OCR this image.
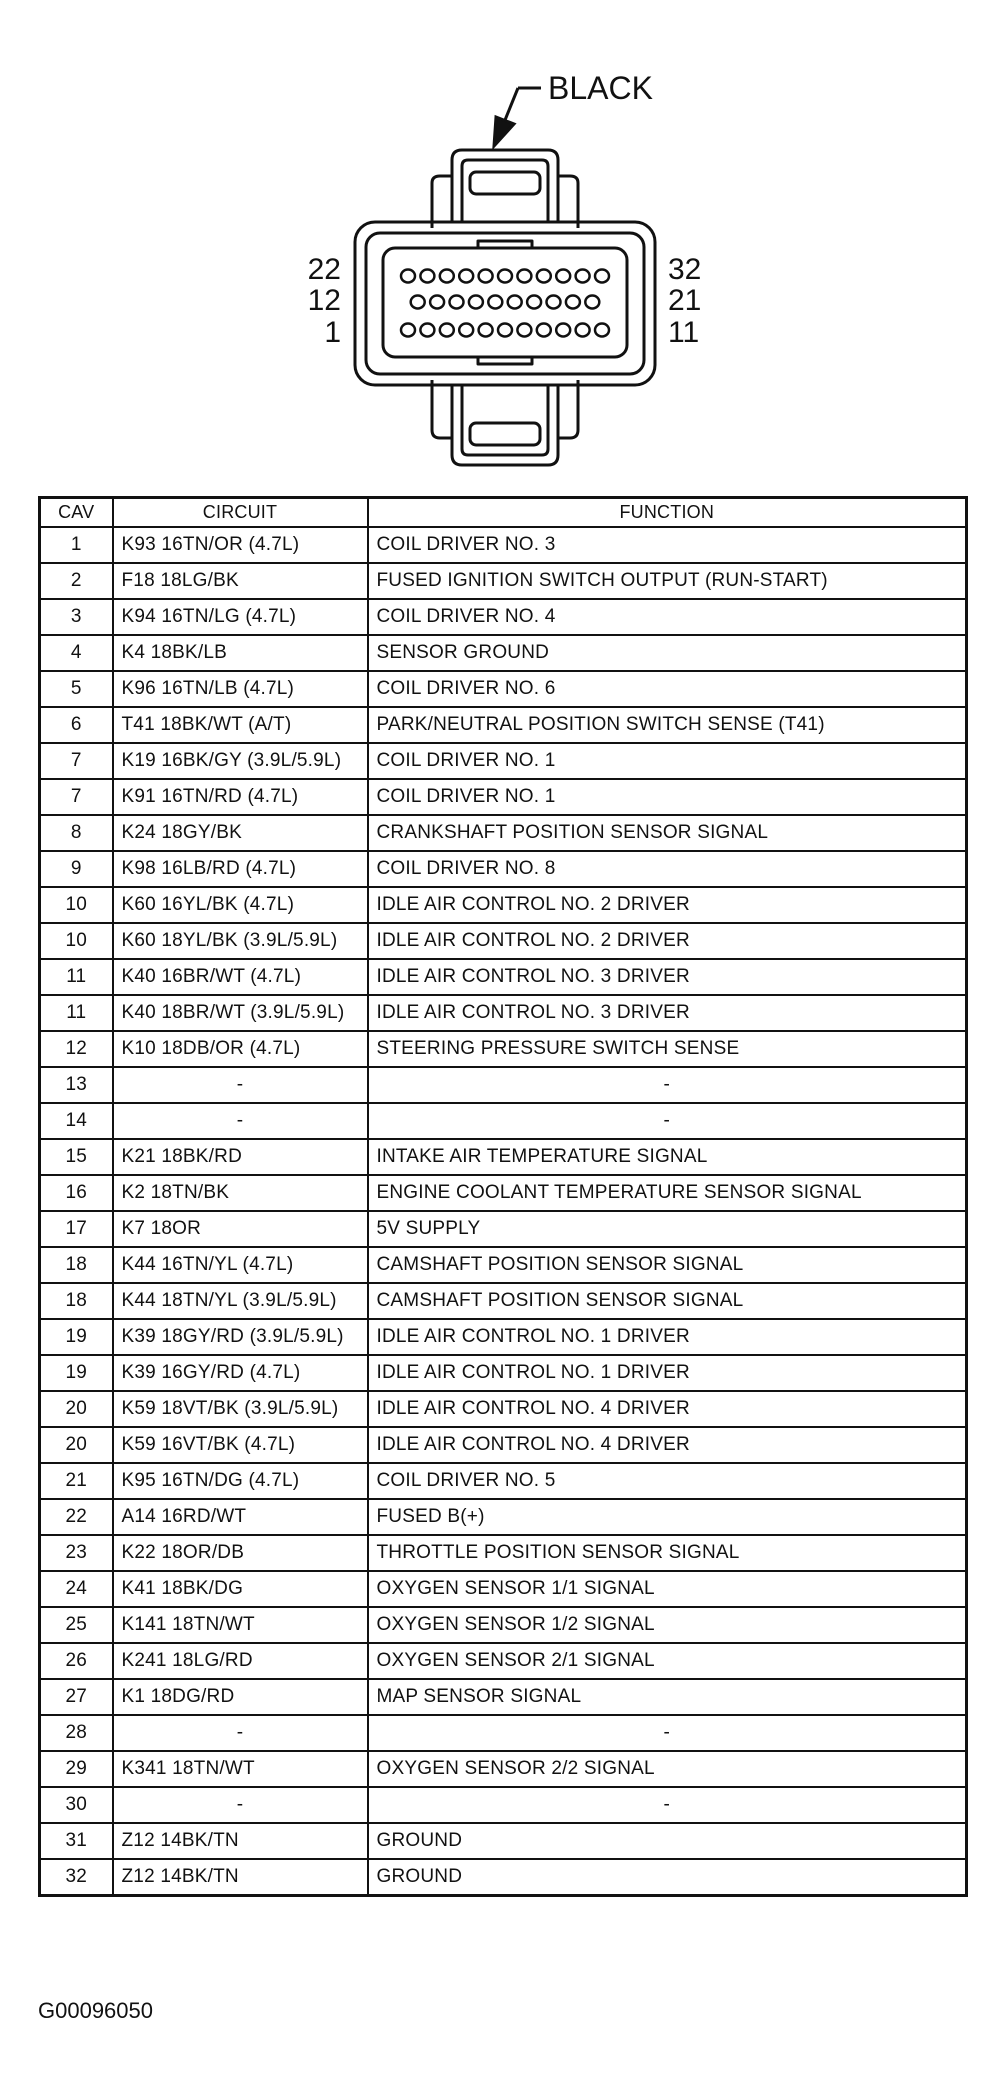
BLACK
22
12
1
32
21
11
CAV	CIRCUIT	FUNCTION
1	K93 16TN/OR (4.7L)	COIL DRIVER NO. 3
2	F18 18LG/BK	FUSED IGNITION SWITCH OUTPUT (RUN-START)
3	K94 16TN/LG (4.7L)	COIL DRIVER NO. 4
4	K4 18BK/LB	SENSOR GROUND
5	K96 16TN/LB (4.7L)	COIL DRIVER NO. 6
6	T41 18BK/WT (A/T)	PARK/NEUTRAL POSITION SWITCH SENSE (T41)
7	K19 16BK/GY (3.9L/5.9L)	COIL DRIVER NO. 1
7	K91 16TN/RD (4.7L)	COIL DRIVER NO. 1
8	K24 18GY/BK	CRANKSHAFT POSITION SENSOR SIGNAL
9	K98 16LB/RD (4.7L)	COIL DRIVER NO. 8
10	K60 16YL/BK (4.7L)	IDLE AIR CONTROL NO. 2 DRIVER
10	K60 18YL/BK (3.9L/5.9L)	IDLE AIR CONTROL NO. 2 DRIVER
11	K40 16BR/WT (4.7L)	IDLE AIR CONTROL NO. 3 DRIVER
11	K40 18BR/WT (3.9L/5.9L)	IDLE AIR CONTROL NO. 3 DRIVER
12	K10 18DB/OR (4.7L)	STEERING PRESSURE SWITCH SENSE
13	-	-
14	-	-
15	K21 18BK/RD	INTAKE AIR TEMPERATURE SIGNAL
16	K2 18TN/BK	ENGINE COOLANT TEMPERATURE SENSOR SIGNAL
17	K7 18OR	5V SUPPLY
18	K44 16TN/YL (4.7L)	CAMSHAFT POSITION SENSOR SIGNAL
18	K44 18TN/YL (3.9L/5.9L)	CAMSHAFT POSITION SENSOR SIGNAL
19	K39 18GY/RD (3.9L/5.9L)	IDLE AIR CONTROL NO. 1 DRIVER
19	K39 16GY/RD (4.7L)	IDLE AIR CONTROL NO. 1 DRIVER
20	K59 18VT/BK (3.9L/5.9L)	IDLE AIR CONTROL NO. 4 DRIVER
20	K59 16VT/BK (4.7L)	IDLE AIR CONTROL NO. 4 DRIVER
21	K95 16TN/DG (4.7L)	COIL DRIVER NO. 5
22	A14 16RD/WT	FUSED B(+)
23	K22 18OR/DB	THROTTLE POSITION SENSOR SIGNAL
24	K41 18BK/DG	OXYGEN SENSOR 1/1 SIGNAL
25	K141 18TN/WT	OXYGEN SENSOR 1/2 SIGNAL
26	K241 18LG/RD	OXYGEN SENSOR 2/1 SIGNAL
27	K1 18DG/RD	MAP SENSOR SIGNAL
28	-	-
29	K341 18TN/WT	OXYGEN SENSOR 2/2 SIGNAL
30	-	-
31	Z12 14BK/TN	GROUND
32	Z12 14BK/TN	GROUND
G00096050
